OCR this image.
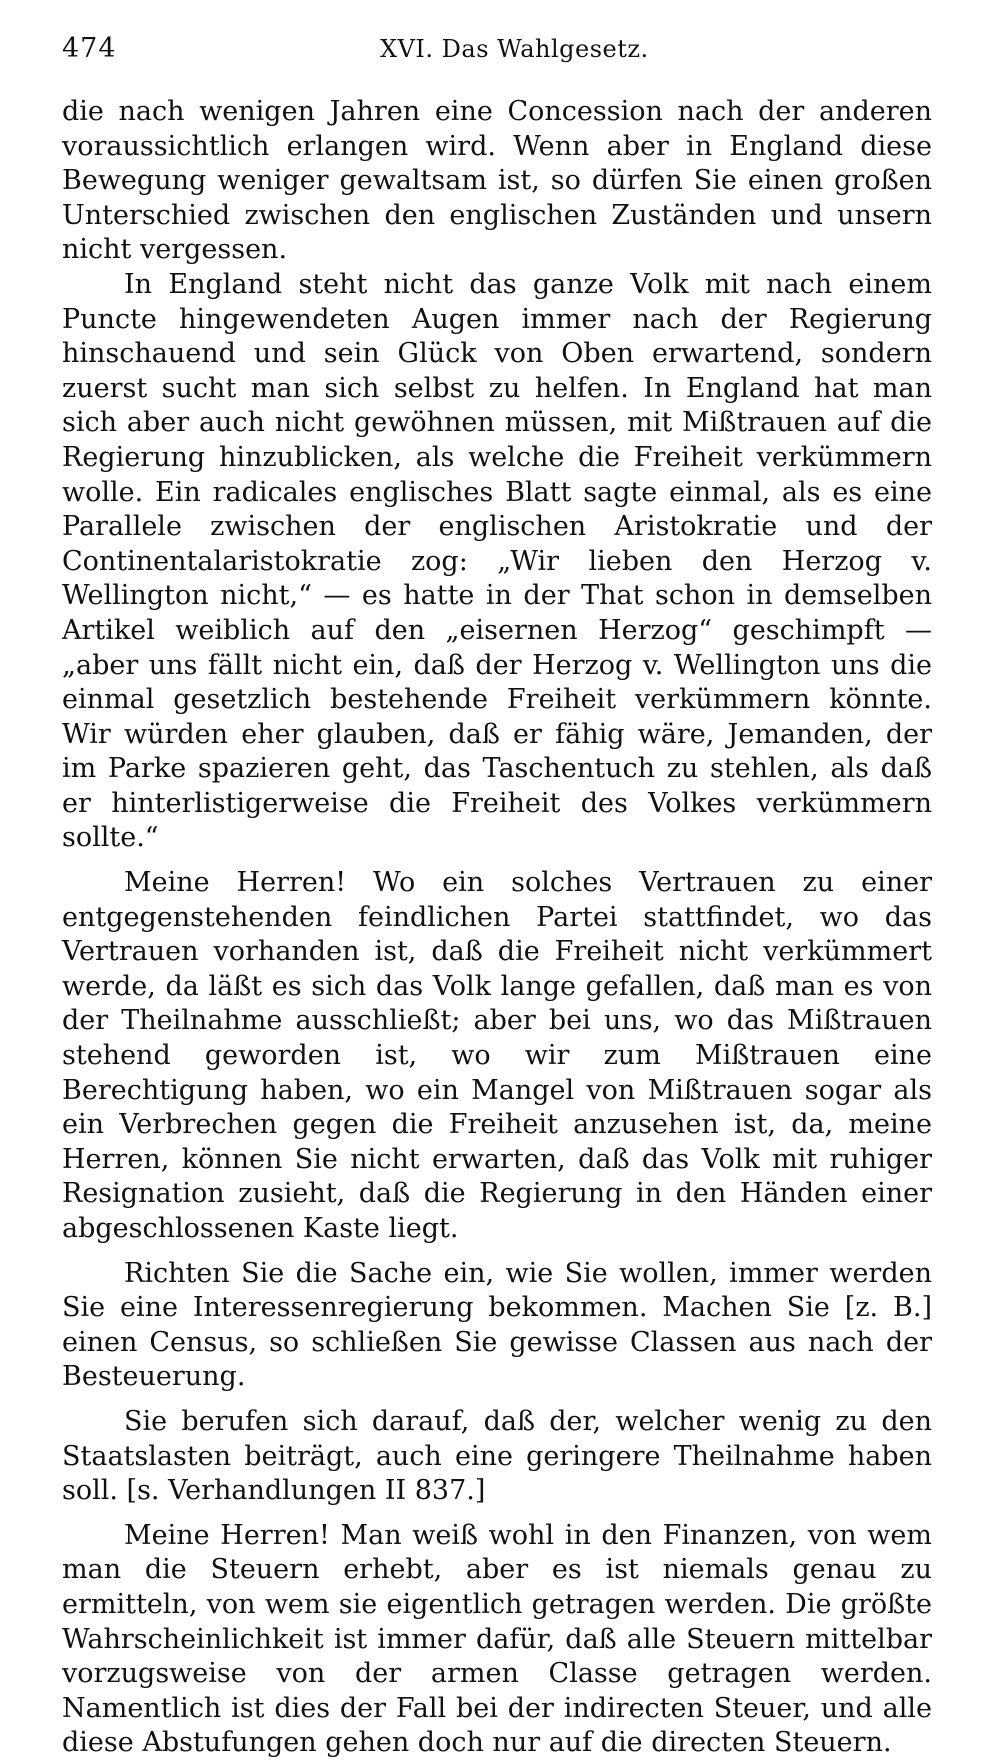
474	XVI. Das Wahlgesetz.

die nach wenigen Jahren eine Concession nach der anderen voraussichtlich erlangen wird. Wenn aber in England diese Bewegung weniger gewaltsam ist, so dürfen Sie einen großen Unterschied zwischen den englischen Zuständen und unsern nicht vergessen.

In England steht nicht das ganze Volk mit nach einem Puncte hingewendeten Augen immer nach der Regierung hinschauend und sein Glück von Oben erwartend, sondern zuerst sucht man sich selbst zu helfen. In England hat man sich aber auch nicht gewöhnen müssen, mit Mißtrauen auf die Regierung hinzublicken, als welche die Freiheit verkümmern wolle. Ein radicales englisches Blatt sagte einmal, als es eine Parallele zwischen der englischen Aristokratie und der Continentalaristokratie zog: „Wir lieben den Herzog v. Wellington nicht,“ — es hatte in der That schon in demselben Artikel weiblich auf den „eisernen Herzog“ geschimpft — „aber uns fällt nicht ein, daß der Herzog v. Wellington uns die einmal gesetzlich bestehende Freiheit verkümmern könnte. Wir würden eher glauben, daß er fähig wäre, Jemanden, der im Parke spazieren geht, das Taschentuch zu stehlen, als daß er hinterlistigerweise die Freiheit des Volkes verkümmern sollte.“

Meine Herren! Wo ein solches Vertrauen zu einer entgegenstehenden feindlichen Partei stattfindet, wo das Vertrauen vorhanden ist, daß die Freiheit nicht verkümmert werde, da läßt es sich das Volk lange gefallen, daß man es von der Theilnahme ausschließt; aber bei uns, wo das Mißtrauen stehend geworden ist, wo wir zum Mißtrauen eine Berechtigung haben, wo ein Mangel von Mißtrauen sogar als ein Verbrechen gegen die Freiheit anzusehen ist, da, meine Herren, können Sie nicht erwarten, daß das Volk mit ruhiger Resignation zusieht, daß die Regierung in den Händen einer abgeschlossenen Kaste liegt.

Richten Sie die Sache ein, wie Sie wollen, immer werden Sie eine Interessenregierung bekommen. Machen Sie [z. B.] einen Census, so schließen Sie gewisse Classen aus nach der Besteuerung.

Sie berufen sich darauf, daß der, welcher wenig zu den Staatslasten beiträgt, auch eine geringere Theilnahme haben soll. [s. Verhandlungen II 837.]

Meine Herren! Man weiß wohl in den Finanzen, von wem man die Steuern erhebt, aber es ist niemals genau zu ermitteln, von wem sie eigentlich getragen werden. Die größte Wahrscheinlichkeit ist immer dafür, daß alle Steuern mittelbar vorzugsweise von der armen Classe getragen werden. Namentlich ist dies der Fall bei der indirecten Steuer, und alle diese Abstufungen gehen doch nur auf die directen Steuern.
